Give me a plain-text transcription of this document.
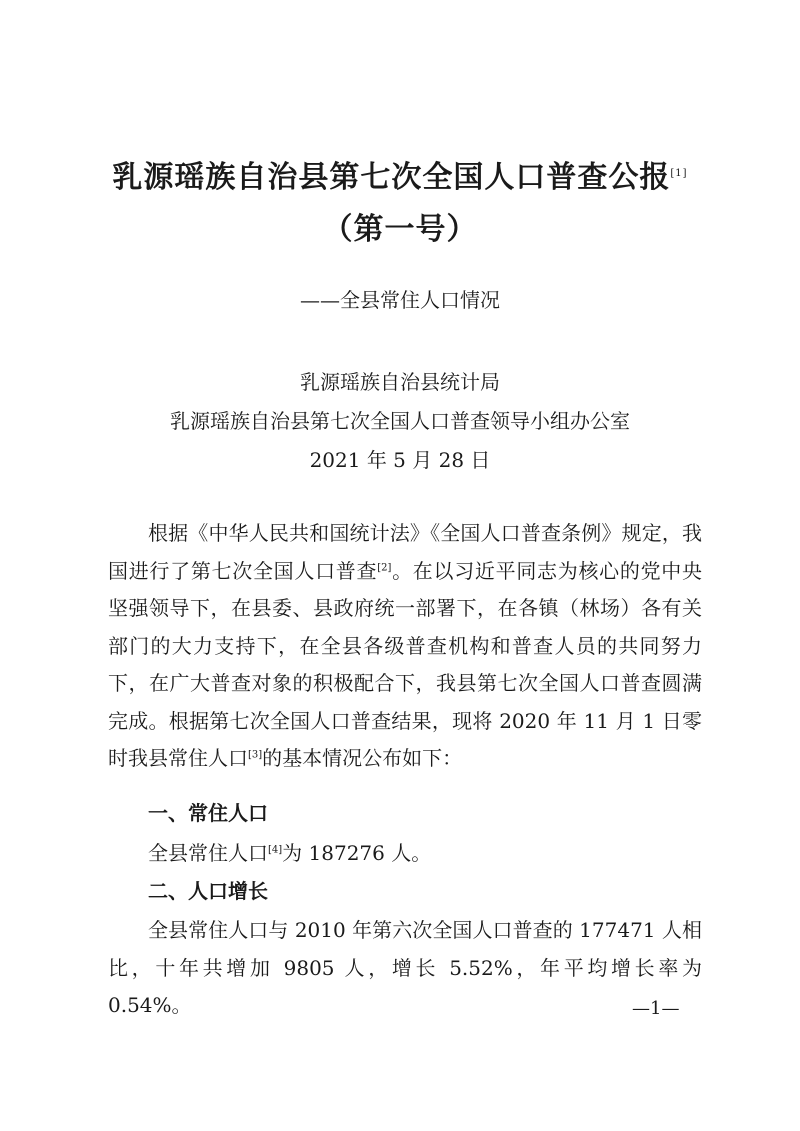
乳源瑶族自治县第七次全国人口普查公报[1]
（第一号）
——全县常住人口情况
乳源瑶族自治县统计局
乳源瑶族自治县第七次全国人口普查领导小组办公室
2021 年 5 月 28 日
根据《中华人民共和国统计法》《全国人口普查条例》规定，我国进行了第七次全国人口普查[2]。在以习近平同志为核心的党中央坚强领导下，在县委、县政府统一部署下，在各镇（林场）各有关部门的大力支持下，在全县各级普查机构和普查人员的共同努力下，在广大普查对象的积极配合下，我县第七次全国人口普查圆满完成。根据第七次全国人口普查结果，现将 2020 年 11 月 1 日零时我县常住人口[3]的基本情况公布如下：
一、常住人口
全县常住人口[4]为 187276 人。
二、人口增长
全县常住人口与 2010 年第六次全国人口普查的 177471 人相比，十年共增加 9805 人，增长 5.52%，年平均增长率为 0.54%。	—1—
